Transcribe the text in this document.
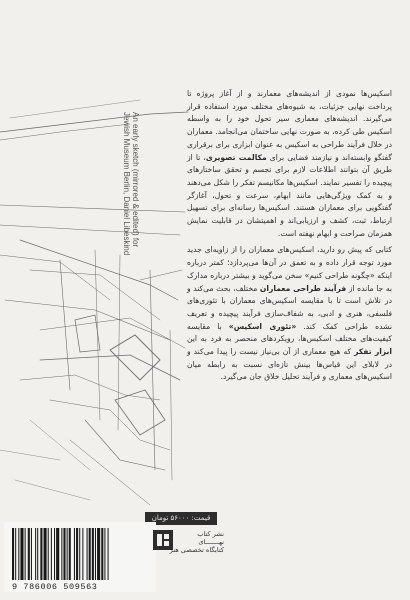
An early sketch (mirrored & edited) for
Jewish Museum Berlin, Daniel Libeskind

اسکیس‌ها نمودی از اندیشه‌های معمارند و از آغاز پروژه تا پرداخت نهایی جزئیات، به شیوه‌های مختلف مورد استفاده قرار می‌گیرند. اندیشه‌های معماری سیر تحول خود را به واسطه اسکیس طی کرده، به صورت نهایی ساختمان می‌انجامد. معماران در خلال فرآیند طراحی به اسکیس به عنوان ابزاری برای برقراری گفتگو وابسته‌اند و نیازمند فضایی برای مکالمت تصویری، تا از طریق آن بتوانند اطلاعات لازم برای تجسم و تحقق ساختارهای پیچیده را تفسیر نمایند. اسکیس‌ها مکانیسم تفکر را شکل می‌دهند و به کمک ویژگی‌هایی مانند ابهام، سرعت و تحول، آغازگر گفتگویی برای معماران هستند. اسکیس‌ها رسانه‌ای برای تسهیل ارتباط، ثبت، کشف و ارزیابی‌اند و اهمیتشان در قابلیت نمایش همزمان صراحت و ابهام نهفته است.

کتابی که پیش رو دارید، اسکیس‌های معماران را از زاویه‌ای جدید مورد توجه قرار داده و به تعمق در آن‌ها می‌پردازد؛ کمتر درباره اینکه «چگونه طراحی کنیم» سخن می‌گوید و بیشتر درباره مدارک به جا مانده از فرآیند طراحی معماران مختلف، بحث می‌کند و در تلاش است تا با مقایسه اسکیس‌های معماران با تئوری‌های فلسفی، هنری و ادبی، به شفاف‌سازی فرآیند پیچیده و تعریف نشده طراحی کمک کند. «تئوری اسکیس» با مقایسه کیفیت‌های مختلف اسکیس‌ها، رویکردهای منحصر به فرد به این ابزار تفکر که هیچ معماری از آن بی‌نیاز نیست را پیدا می‌کند و در لابلای این قیاس‌ها بینش تازه‌ای نسبت به رابطه میان اسکیس‌های معماری و فرآیند تحلیل خلاق جان می‌گیرد.

قیمت: ۵۶۰۰۰ تومان
9 786006 509563
نشر کتاب
نهـــــــای
کتابگاه تخصصی هنر
